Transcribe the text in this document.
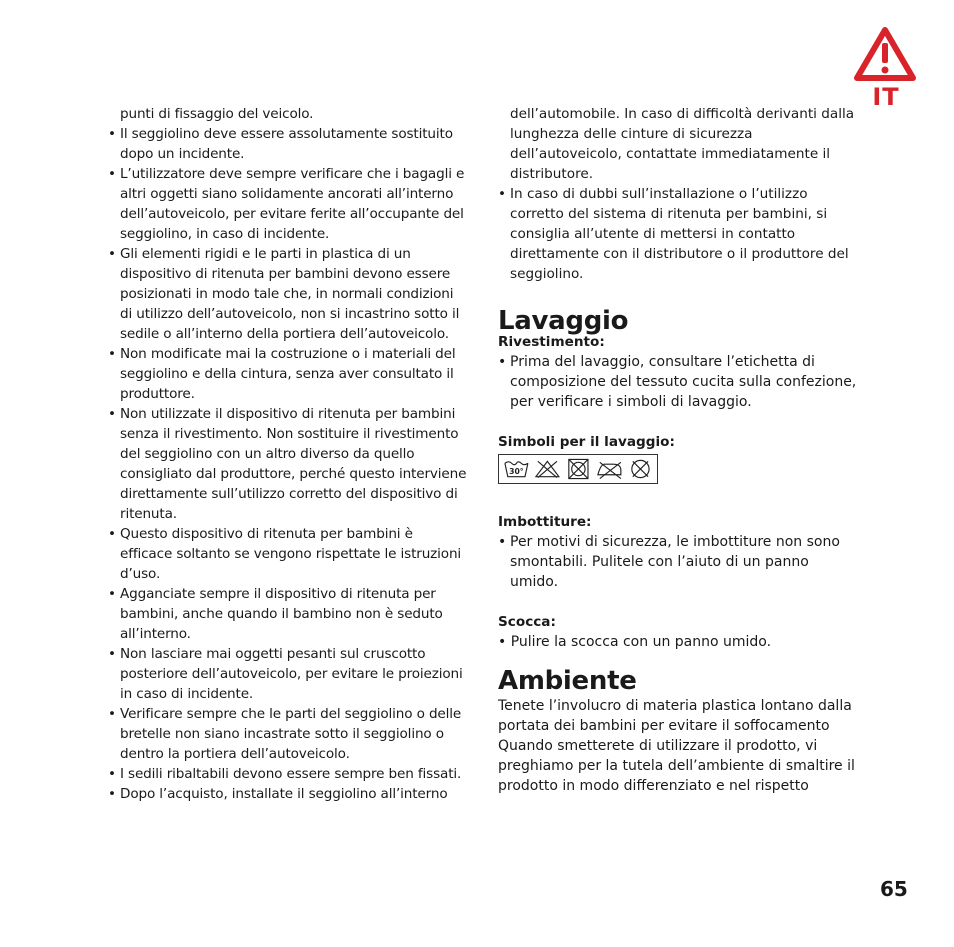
IT
punti di fissaggio del veicolo.
• Il seggiolino deve essere assolutamente sostituito dopo un incidente.
• L’utilizzatore deve sempre verificare che i bagagli e altri oggetti siano solidamente ancorati all’interno dell’autoveicolo, per evitare ferite all’occupante del seggiolino, in caso di incidente.
• Gli elementi rigidi e le parti in plastica di un dispositivo di ritenuta per bambini devono essere posizionati in modo tale che, in normali condizioni di utilizzo dell’autoveicolo, non si incastrino sotto il sedile o all’interno della portiera dell’autoveicolo.
• Non modificate mai la costruzione o i materiali del seggiolino e della cintura, senza aver consultato il produttore.
• Non utilizzate il dispositivo di ritenuta per bambini senza il rivestimento. Non sostituire il rivestimento del seggiolino con un altro diverso da quello consigliato dal produttore, perché questo interviene direttamente sull’utilizzo corretto del dispositivo di ritenuta.
• Questo dispositivo di ritenuta per bambini è efficace soltanto se vengono rispettate le istruzioni d’uso.
• Agganciate sempre il dispositivo di ritenuta per bambini, anche quando il bambino non è seduto all’interno.
• Non lasciare mai oggetti pesanti sul cruscotto posteriore dell’autoveicolo, per evitare le proiezioni in caso di incidente.
• Verificare sempre che le parti del seggiolino o delle bretelle non siano incastrate sotto il seggiolino o dentro la portiera dell’autoveicolo.
• I sedili ribaltabili devono essere sempre ben fissati.
• Dopo l’acquisto, installate il seggiolino all’interno
dell’automobile. In caso di difficoltà derivanti dalla lunghezza delle cinture di sicurezza dell’autoveicolo, contattate immediatamente il distributore.
• In caso di dubbi sull’installazione o l’utilizzo corretto del sistema di ritenuta per bambini, si consiglia all’utente di mettersi in contatto direttamente con il distributore o il produttore del seggiolino.
Lavaggio
Rivestimento:
• Prima del lavaggio, consultare l’etichetta di composizione del tessuto cucita sulla confezione, per verificare i simboli di lavaggio.
Simboli per il lavaggio:
30°
Imbottiture:
• Per motivi di sicurezza, le imbottiture non sono smontabili. Pulitele con l’aiuto di un panno umido.
Scocca:
• Pulire la scocca con un panno umido.
Ambiente
Tenete l’involucro di materia plastica lontano dalla portata dei bambini per evitare il soffocamento Quando smetterete di utilizzare il prodotto, vi preghiamo per la tutela dell’ambiente di smaltire il prodotto in modo differenziato e nel rispetto
65
